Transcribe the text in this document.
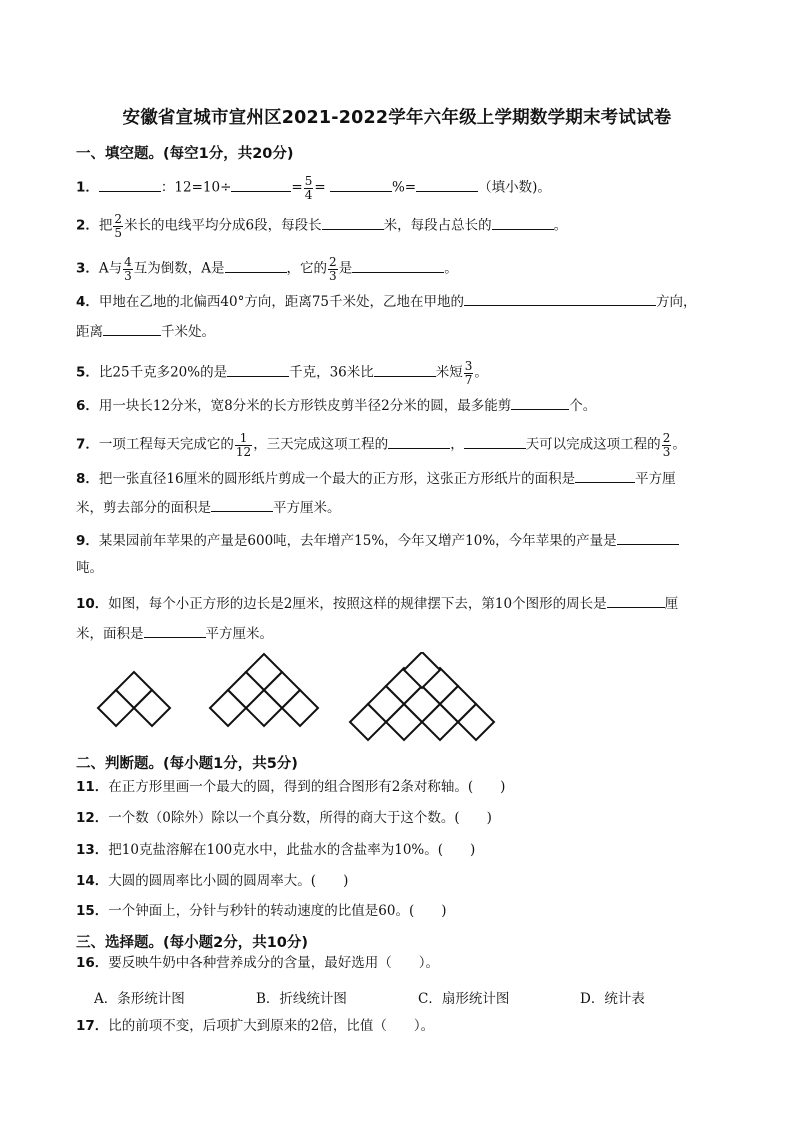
安徽省宣城市宣州区2021-2022学年六年级上学期数学期末考试试卷
一、填空题。(每空1分，共20分)
1．	：12=10÷	= $\frac{5}{4}$ =	%=	（填小数)。
2．把 $\frac{2}{5}$ 米长的电线平均分成6段，每段长	米，每段占总长的	。
3．A与 $\frac{4}{3}$ 互为倒数，A是	，它的 $\frac{2}{3}$ 是	。
4．甲地在乙地的北偏西40°方向，距离75千米处，乙地在甲地的	方向，
距离	千米处。
5．比25千克多20%的是	千克，36米比	米短 $\frac{3}{7}$ 。
6．用一块长12分米，宽8分米的长方形铁皮剪半径2分米的圆，最多能剪	个。
7．一项工程每天完成它的 $\frac{1}{12}$ ，三天完成这项工程的	，	天可以完成这项工程的 $\frac{2}{3}$ 。
8．把一张直径16厘米的圆形纸片剪成一个最大的正方形，这张正方形纸片的面积是	平方厘
米，剪去部分的面积是	平方厘米。
9．某果园前年苹果的产量是600吨，去年增产15%，今年又增产10%，今年苹果的产量是
吨。
10．如图，每个小正方形的边长是2厘米，按照这样的规律摆下去，第10个图形的周长是	厘
米，面积是	平方厘米。
二、判断题。(每小题1分，共5分)
11．在正方形里画一个最大的圆，得到的组合图形有2条对称轴。(　　)
12．一个数（0除外）除以一个真分数，所得的商大于这个数。(　　)
13．把10克盐溶解在100克水中，此盐水的含盐率为10%。(　　)
14．大圆的圆周率比小圆的圆周率大。(　　)
15．一个钟面上，分针与秒针的转动速度的比值是60。(　　)
三、选择题。(每小题2分，共10分)
16．要反映牛奶中各种营养成分的含量，最好选用（　　）。
A．条形统计图	B．折线统计图	C．扇形统计图	D．统计表
17．比的前项不变，后项扩大到原来的2倍，比值（　　）。
